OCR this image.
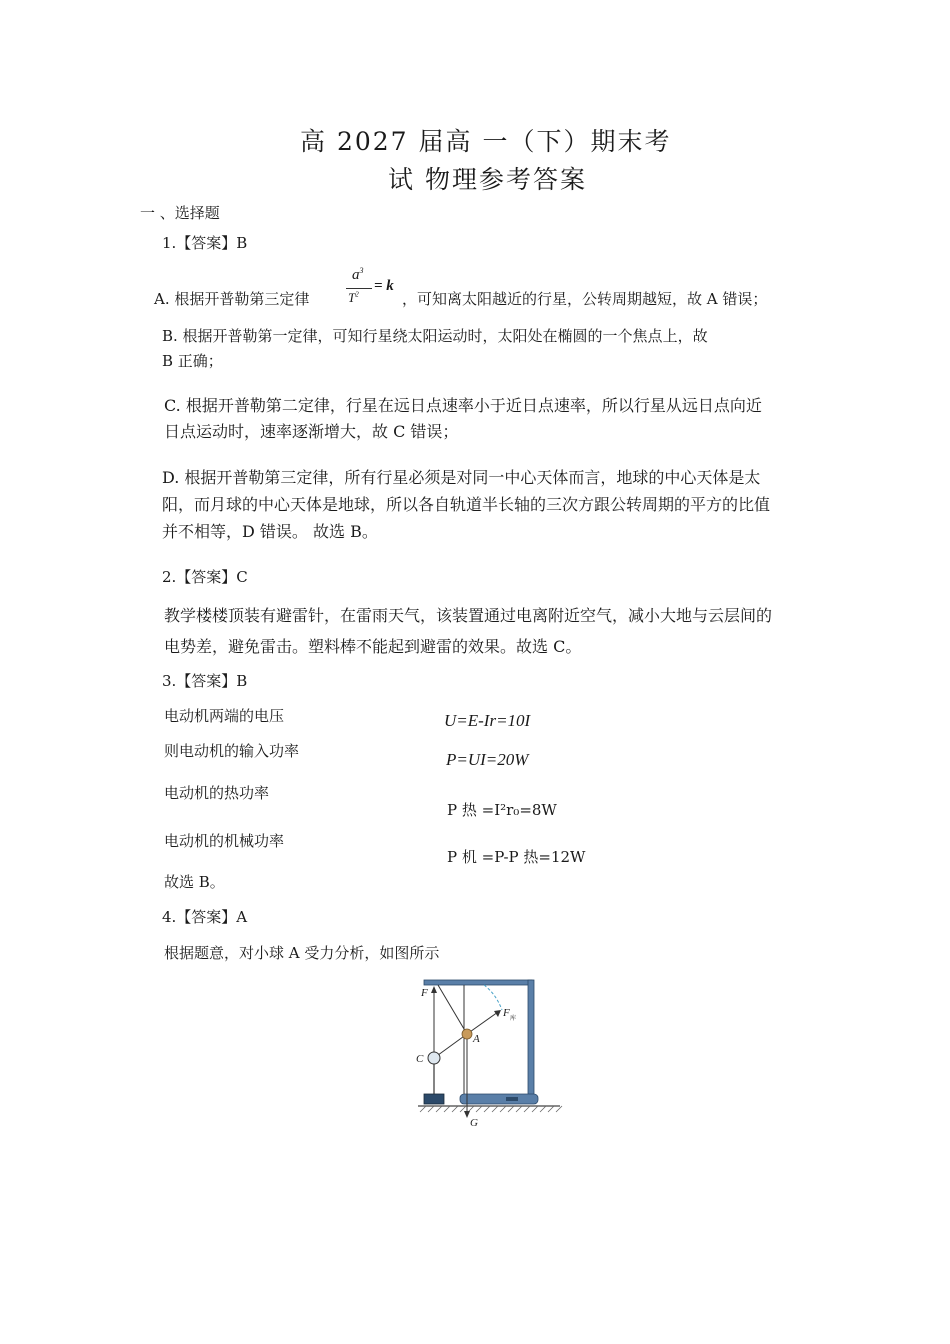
高 2027 届高 一（下）期末考
试 物理参考答案
一 、选择题
1.【答案】B
A. 根据开普勒第三定律
$a^3$
$T^2$
= k
，可知离太阳越近的行星，公转周期越短，故 A 错误；
B. 根据开普勒第一定律，可知行星绕太阳运动时，太阳处在椭圆的一个焦点上，故
B 正确；
C. 根据开普勒第二定律，行星在远日点速率小于近日点速率，所以行星从远日点向近
日点运动时，速率逐渐增大，故 C 错误；
D. 根据开普勒第三定律，所有行星必须是对同一中心天体而言，地球的中心天体是太
阳，而月球的中心天体是地球，所以各自轨道半长轴的三次方跟公转周期的平方的比值
并不相等，D 错误。 故选 B。
2.【答案】C
教学楼楼顶装有避雷针，在雷雨天气，该装置通过电离附近空气，减小大地与云层间的
电势差，避免雷击。塑料棒不能起到避雷的效果。故选 C。
3.【答案】B
电动机两端的电压	U=E-Ir=10I
则电动机的输入功率	P=UI=20W
电动机的热功率
P 热 =I²r₀=8W
电动机的机械功率
P 机 =P-P 热=12W
故选 B。
4.【答案】A
根据题意，对小球 A 受力分析，如图所示
F
F 库
A
C
G
